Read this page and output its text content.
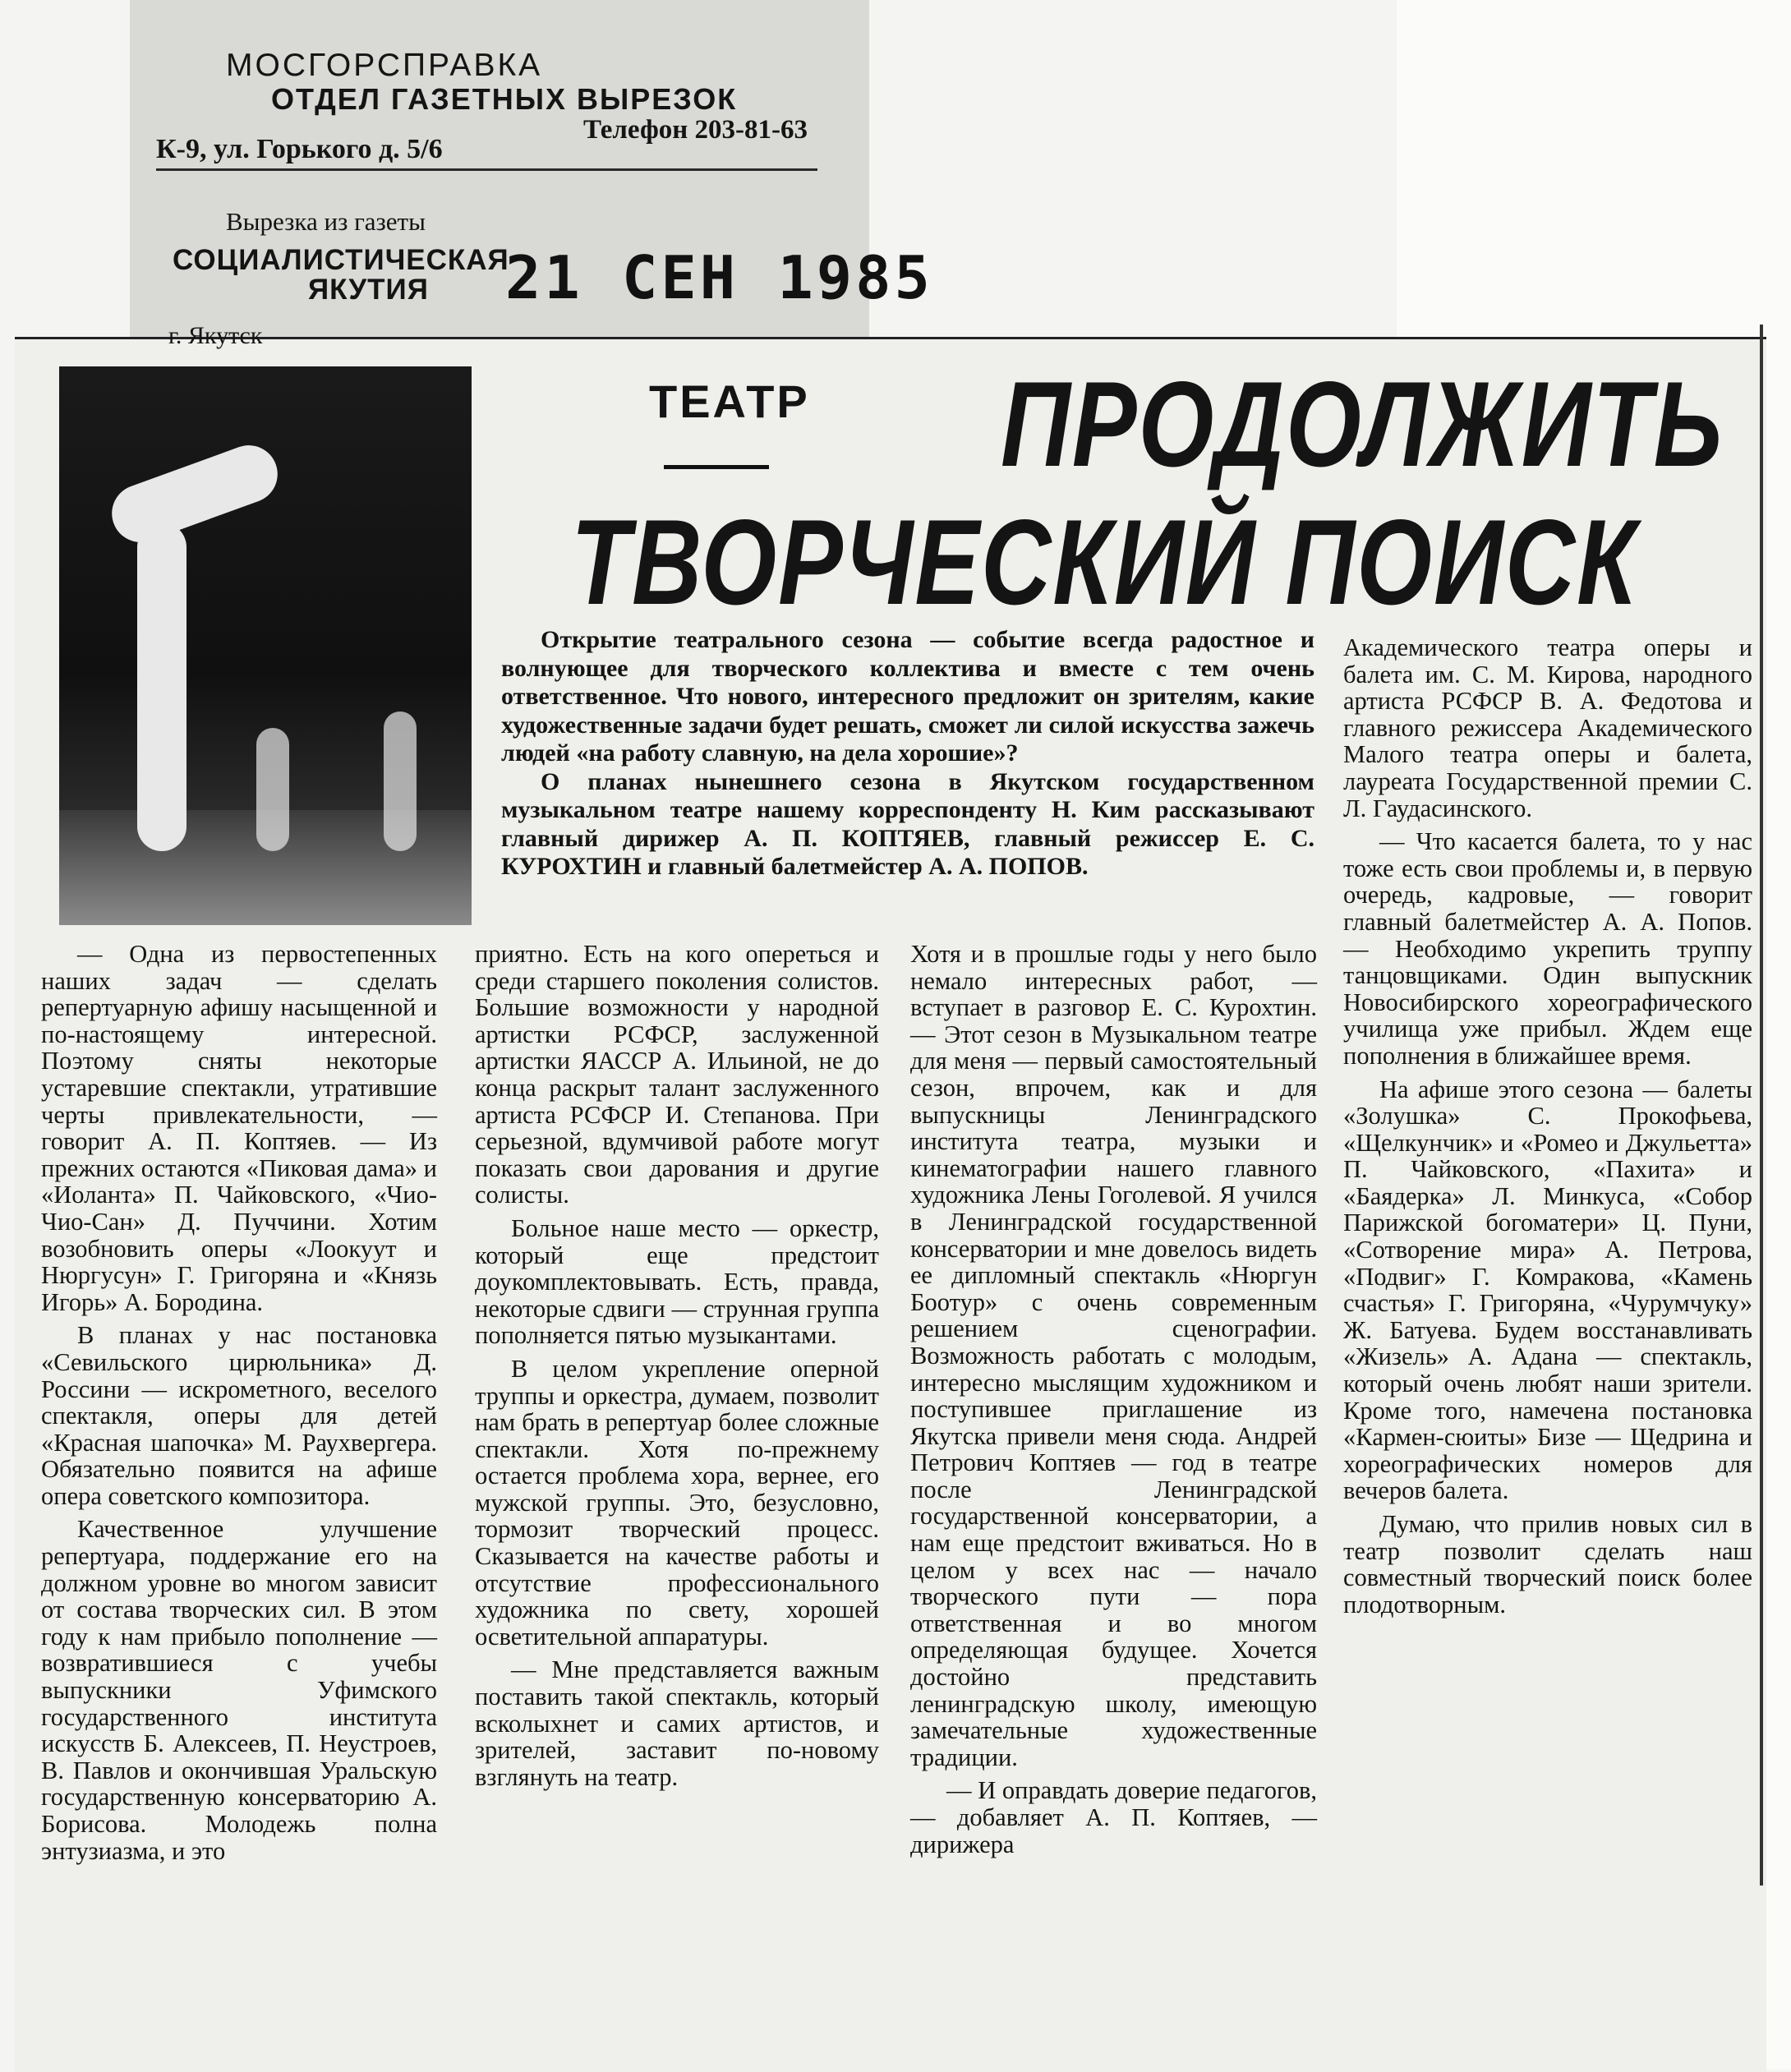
МОСГОРСПРАВКА
ОТДЕЛ ГАЗЕТНЫХ ВЫРЕЗОК
Телефон 203-81-63
К-9, ул. Горького д. 5/6
Вырезка из газеты
СОЦИАЛИСТИЧЕСКАЯ
ЯКУТИЯ 21 СЕН 1985
г. Якутск
ТЕАТР ПРОДОЛЖИТЬ
ТВОРЧЕСКИЙ ПОИСК

Открытие театрального сезона — событие всегда радостное и волнующее для творческого коллектива и вместе с тем очень ответственное. Что нового, интересного предложит он зрителям, какие художественные задачи будет решать, сможет ли силой искусства зажечь людей «на работу славную, на дела хорошие»?

О планах нынешнего сезона в Якутском государственном музыкальном театре нашему корреспонденту Н. Ким рассказывают главный дирижер А. П. КОПТЯЕВ, главный режиссер Е. С. КУРОХТИН и главный балетмейстер А. А. ПОПОВ.

— Одна из первостепенных наших задач — сделать репертуарную афишу насыщенной и по-настоящему интересной. Поэтому сняты некоторые устаревшие спектакли, утратившие черты привлекательности, — говорит А. П. Коптяев. — Из прежних остаются «Пиковая дама» и «Иоланта» П. Чайковского, «Чио-Чио-Сан» Д. Пуччини. Хотим возобновить оперы «Лоокуут и Нюргусун» Г. Григоряна и «Князь Игорь» А. Бородина.

В планах у нас постановка «Севильского цирюльника» Д. Россини — искрометного, веселого спектакля, оперы для детей «Красная шапочка» М. Раухвергера. Обязательно появится на афише опера советского композитора.

Качественное улучшение репертуара, поддержание его на должном уровне во многом зависит от состава творческих сил. В этом году к нам прибыло пополнение — возвратившиеся с учебы выпускники Уфимского государственного института искусств Б. Алексеев, П. Неустроев, В. Павлов и окончившая Уральскую государственную консерваторию А. Борисова. Молодежь полна энтузиазма, и это

приятно. Есть на кого опереться и среди старшего поколения солистов. Большие возможности у народной артистки РСФСР, заслуженной артистки ЯАССР А. Ильиной, не до конца раскрыт талант заслуженного артиста РСФСР И. Степанова. При серьезной, вдумчивой работе могут показать свои дарования и другие солисты.

Больное наше место — оркестр, который еще предстоит доукомплектовывать. Есть, правда, некоторые сдвиги — струнная группа пополняется пятью музыкантами.

В целом укрепление оперной труппы и оркестра, думаем, позволит нам брать в репертуар более сложные спектакли. Хотя по-прежнему остается проблема хора, вернее, его мужской группы. Это, безусловно, тормозит творческий процесс. Сказывается на качестве работы и отсутствие профессионального художника по свету, хорошей осветительной аппаратуры.

— Мне представляется важным поставить такой спектакль, который всколыхнет и самих артистов, и зрителей, заставит по-новому взглянуть на театр.

Хотя и в прошлые годы у него было немало интересных работ, — вступает в разговор Е. С. Курохтин. — Этот сезон в Музыкальном театре для меня — первый самостоятельный сезон, впрочем, как и для выпускницы Ленинградского института театра, музыки и кинематографии нашего главного художника Лены Гоголевой. Я учился в Ленинградской государственной консерватории и мне довелось видеть ее дипломный спектакль «Нюргун Боотур» с очень современным решением сценографии. Возможность работать с молодым, интересно мыслящим художником и поступившее приглашение из Якутска привели меня сюда. Андрей Петрович Коптяев — год в театре после Ленинградской государственной консерватории, а нам еще предстоит вживаться. Но в целом у всех нас — начало творческого пути — пора ответственная и во многом определяющая будущее. Хочется достойно представить ленинградскую школу, имеющую замечательные художественные традиции.

— И оправдать доверие педагогов, — добавляет А. П. Коптяев, — дирижера

Академического театра оперы и балета им. С. М. Кирова, народного артиста РСФСР В. А. Федотова и главного режиссера Академического Малого театра оперы и балета, лауреата Государственной премии С. Л. Гаудасинского.

— Что касается балета, то у нас тоже есть свои проблемы и, в первую очередь, кадровые, — говорит главный балетмейстер А. А. Попов. — Необходимо укрепить труппу танцовщиками. Один выпускник Новосибирского хореографического училища уже прибыл. Ждем еще пополнения в ближайшее время.

На афише этого сезона — балеты «Золушка» С. Прокофьева, «Щелкунчик» и «Ромео и Джульетта» П. Чайковского, «Пахита» и «Баядерка» Л. Минкуса, «Собор Парижской богоматери» Ц. Пуни, «Сотворение мира» А. Петрова, «Подвиг» Г. Комракова, «Камень счастья» Г. Григоряна, «Чурумчуку» Ж. Батуева. Будем восстанавливать «Жизель» А. Адана — спектакль, который очень любят наши зрители. Кроме того, намечена постановка «Кармен-сюиты» Бизе — Щедрина и хореографических номеров для вечеров балета.

Думаю, что прилив новых сил в театр позволит сделать наш совместный творческий поиск более плодотворным.
